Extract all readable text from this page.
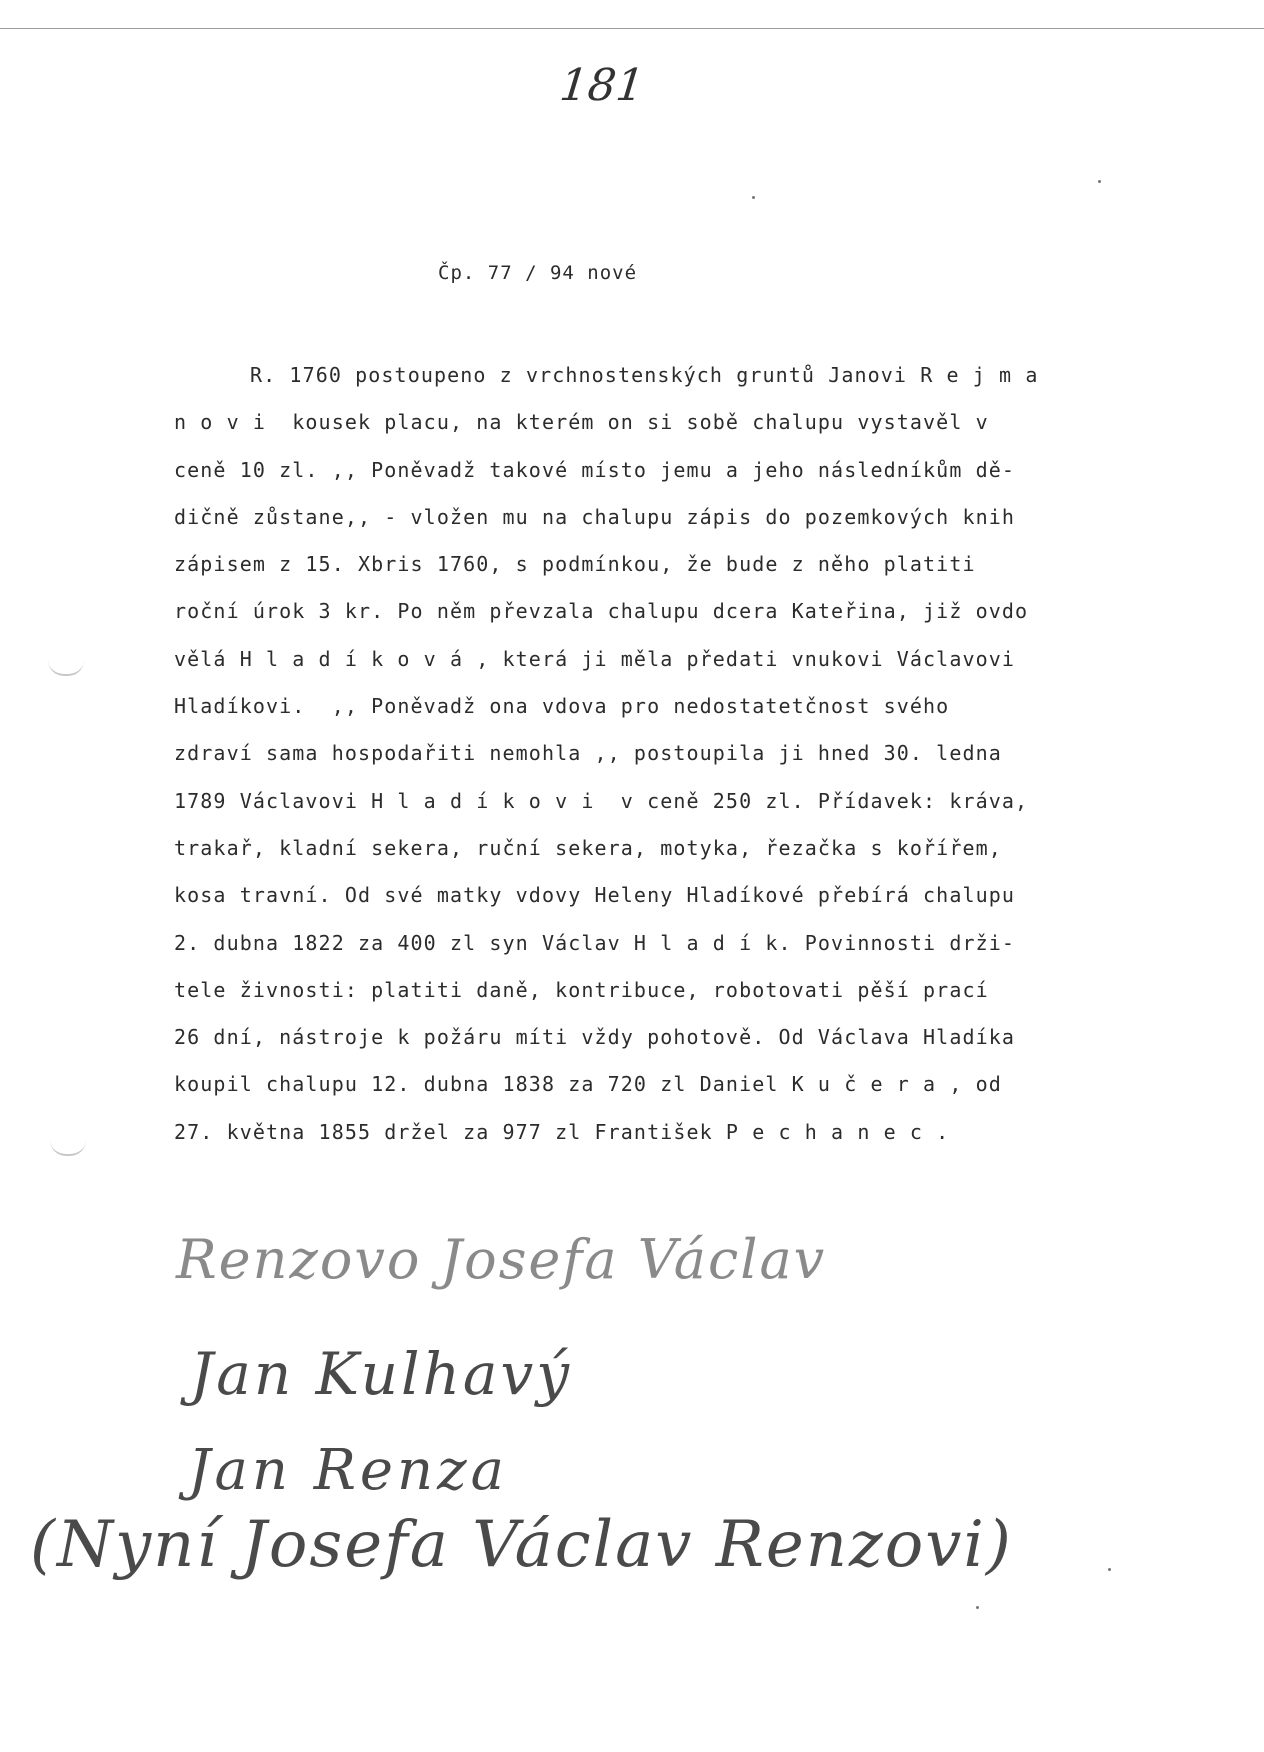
181
Čp. 77 / 94 nové
R. 1760 postoupeno z vrchnostenských gruntů Janovi R e j m a
n o v i  kousek placu, na kterém on si sobě chalupu vystavěl v
ceně 10 zl. ,, Poněvadž takové místo jemu a jeho následníkům dě-
dičně zůstane,, - vložen mu na chalupu zápis do pozemkových knih
zápisem z 15. Xbris 1760, s podmínkou, že bude z něho platiti
roční úrok 3 kr. Po něm převzala chalupu dcera Kateřina, již ovdo
vělá H l a d í k o v á , která ji měla předati vnukovi Václavovi
Hladíkovi.  ,, Poněvadž ona vdova pro nedostatetčnost svého
zdraví sama hospodařiti nemohla ,, postoupila ji hned 30. ledna
1789 Václavovi H l a d í k o v i  v ceně 250 zl. Přídavek: kráva,
trakař, kladní sekera, ruční sekera, motyka, řezačka s kořířem,
kosa travní. Od své matky vdovy Heleny Hladíkové přebírá chalupu
2. dubna 1822 za 400 zl syn Václav H l a d í k. Povinnosti drži-
tele živnosti: platiti daně, kontribuce, robotovati pěší prací
26 dní, nástroje k požáru míti vždy pohotově. Od Václava Hladíka
koupil chalupu 12. dubna 1838 za 720 zl Daniel K u č e r a , od
27. května 1855 držel za 977 zl František P e c h a n e c .
Renzovo Josefa Václav
Jan Kulhavý
Jan Renza
(Nyní Josefa Václav Renzovi)
